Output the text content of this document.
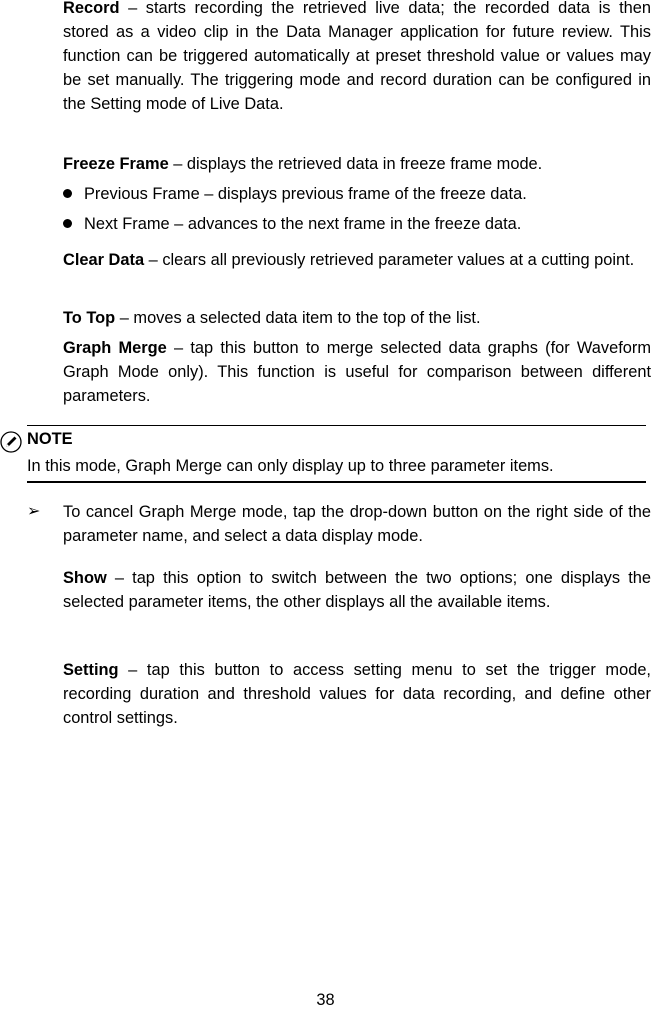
Record – starts recording the retrieved live data; the recorded data is then stored as a video clip in the Data Manager application for future review. This function can be triggered automatically at preset threshold value or values may be set manually. The triggering mode and record duration can be configured in the Setting mode of Live Data.
Freeze Frame – displays the retrieved data in freeze frame mode.
Previous Frame – displays previous frame of the freeze data.
Next Frame – advances to the next frame in the freeze data.
Clear Data – clears all previously retrieved parameter values at a cutting point.
To Top – moves a selected data item to the top of the list.
Graph Merge – tap this button to merge selected data graphs (for Waveform Graph Mode only). This function is useful for comparison between different parameters.
NOTE
In this mode, Graph Merge can only display up to three parameter items.
➢ To cancel Graph Merge mode, tap the drop-down button on the right side of the parameter name, and select a data display mode.
Show – tap this option to switch between the two options; one displays the selected parameter items, the other displays all the available items.
Setting – tap this button to access setting menu to set the trigger mode, recording duration and threshold values for data recording, and define other control settings.
38
